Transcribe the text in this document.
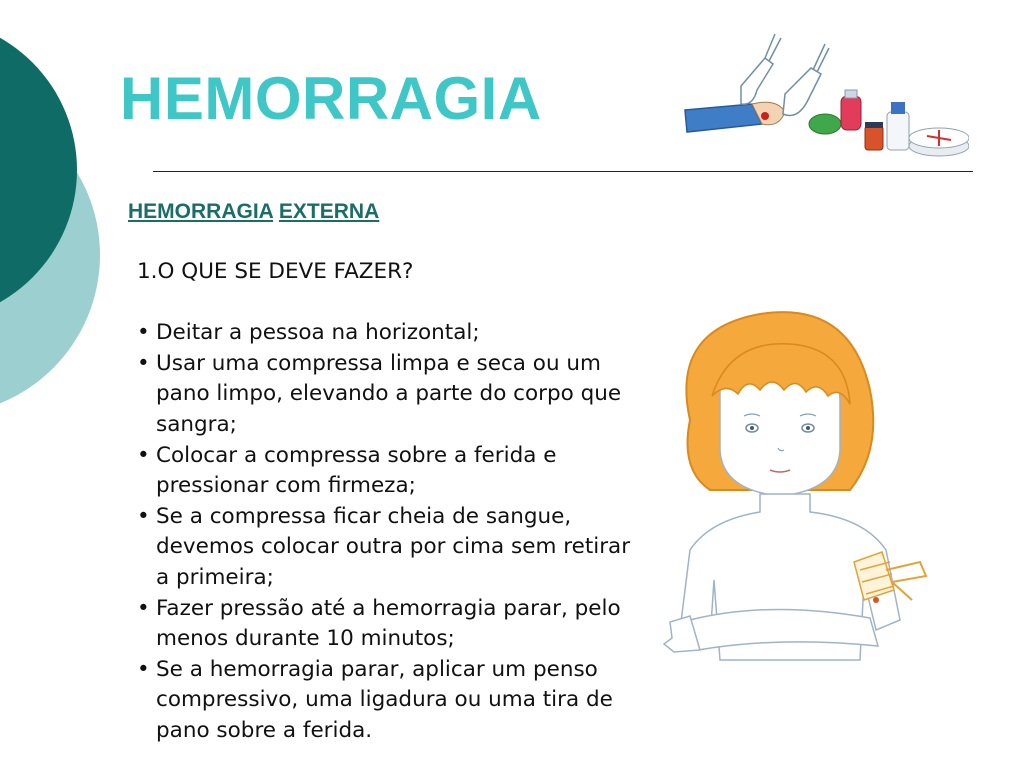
HEMORRAGIA
HEMORRAGIA EXTERNA

1.O QUE SE DEVE FAZER?

• Deitar a pessoa na horizontal;
• Usar uma compressa limpa e seca ou um pano limpo, elevando a parte do corpo que sangra;
• Colocar a compressa sobre a ferida e pressionar com firmeza;
• Se a compressa ficar cheia de sangue, devemos colocar outra por cima sem retirar a primeira;
• Fazer pressão até a hemorragia parar, pelo menos durante 10 minutos;
• Se a hemorragia parar, aplicar um penso compressivo, uma ligadura ou uma tira de pano sobre a ferida.
